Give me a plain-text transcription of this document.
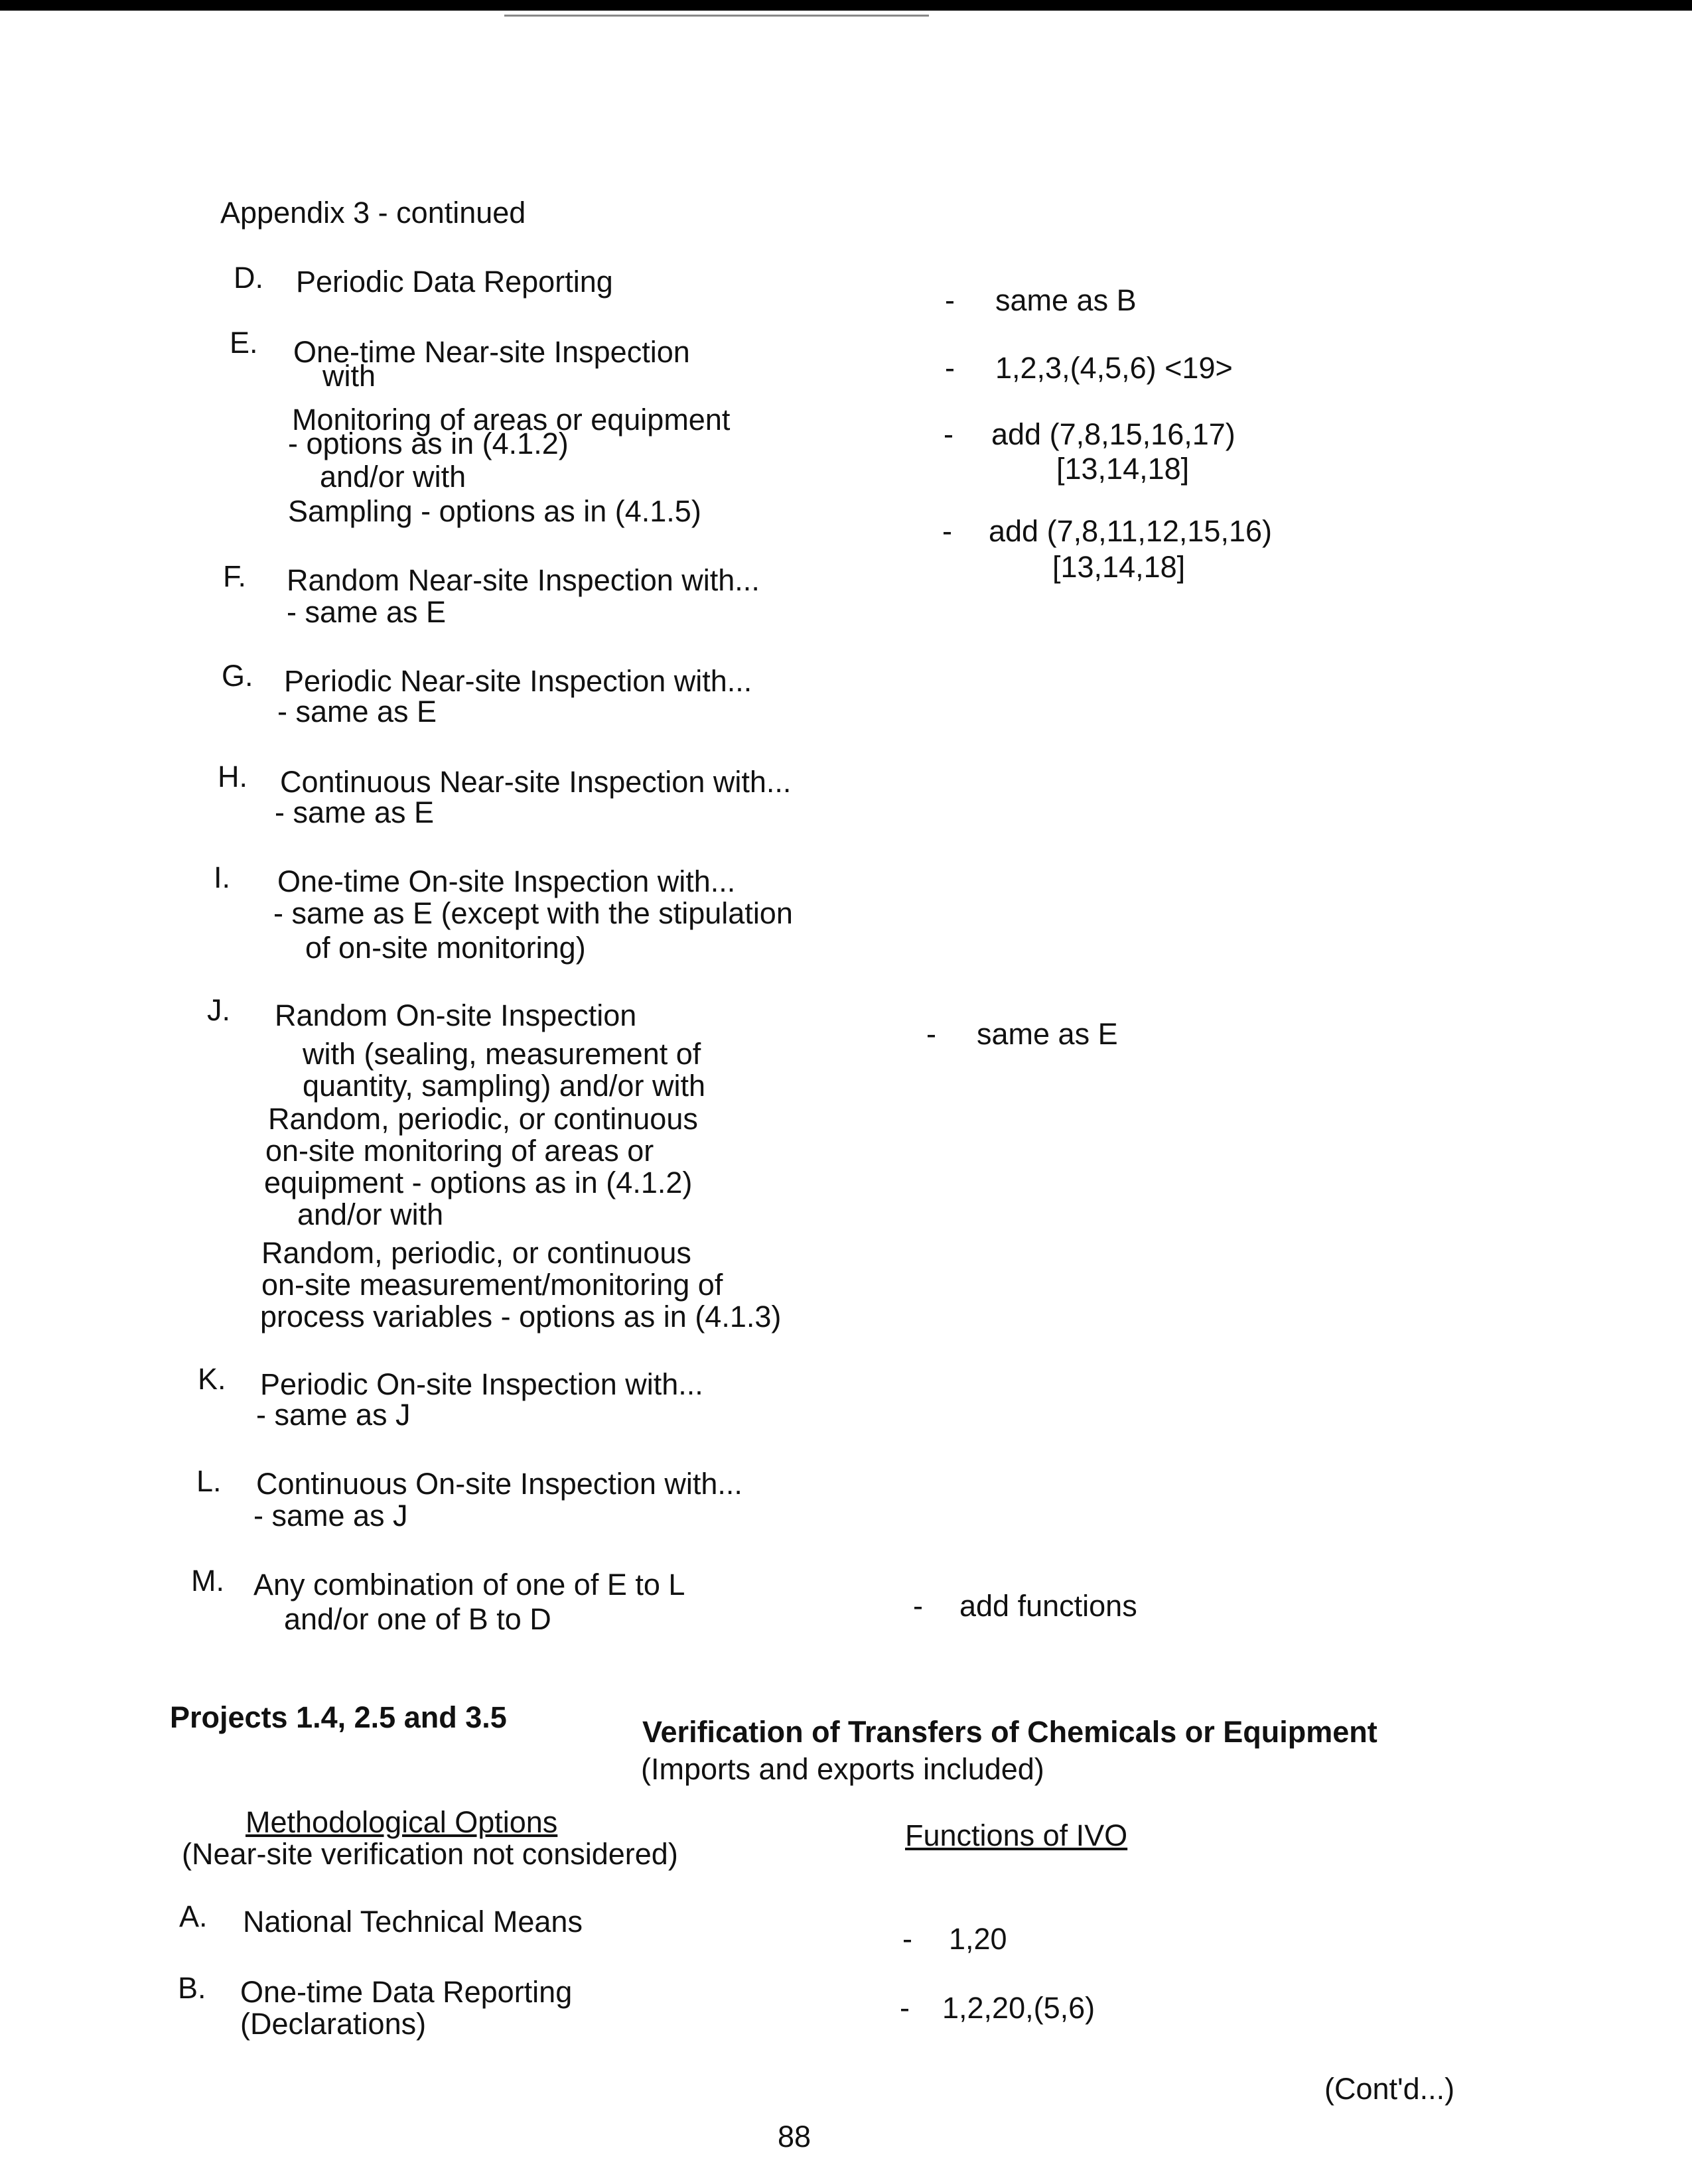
Appendix 3 - continued
D. Periodic Data Reporting
E. One-time Near-site Inspection
with
Monitoring of areas or equipment
- options as in (4.1.2)
and/or with
Sampling - options as in (4.1.5)
F. Random Near-site Inspection with...
- same as E
G. Periodic Near-site Inspection with...
- same as E
H. Continuous Near-site Inspection with...
- same as E
I. One-time On-site Inspection with...
- same as E (except with the stipulation
of on-site monitoring)
J. Random On-site Inspection
with (sealing, measurement of
quantity, sampling) and/or with
Random, periodic, or continuous
on-site monitoring of areas or
equipment - options as in (4.1.2)
and/or with
Random, periodic, or continuous
on-site measurement/monitoring of
process variables - options as in (4.1.3)
K. Periodic On-site Inspection with...
- same as J
L. Continuous On-site Inspection with...
- same as J
M. Any combination of one of E to L
and/or one of B to D
- same as B
- 1,2,3,(4,5,6) <19>
- add (7,8,15,16,17)
[13,14,18]
- add (7,8,11,12,15,16)
[13,14,18]
- same as E
- add functions
Projects 1.4, 2.5 and 3.5	Verification of Transfers of Chemicals or Equipment
(Imports and exports included)
Methodological Options
(Near-site verification not considered)
Functions of IVO
A. National Technical Means
- 1,20
B. One-time Data Reporting
(Declarations)	- 1,2,20,(5,6)
(Cont'd...)
88
